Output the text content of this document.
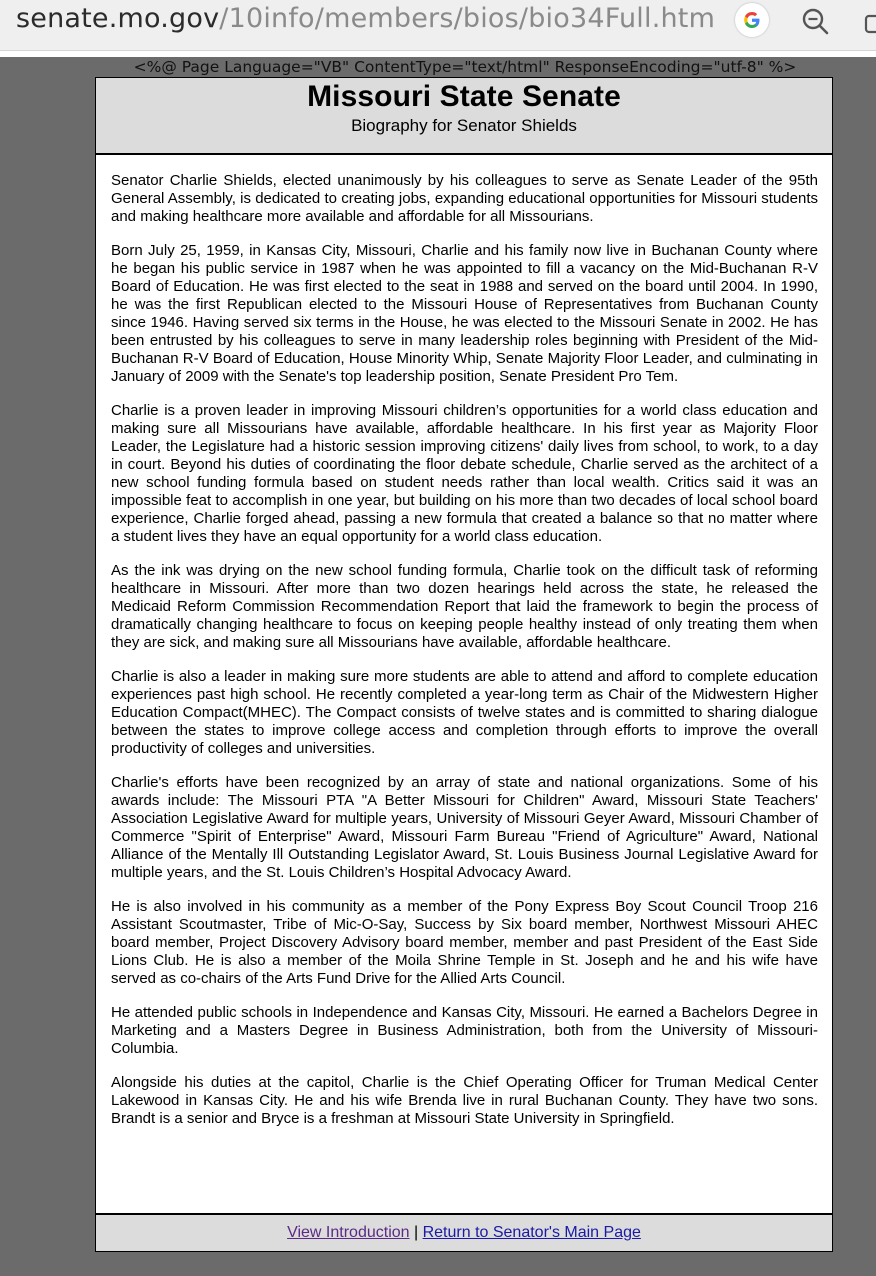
senate.mo.gov/10info/members/bios/bio34Full.htm
<%@ Page Language="VB" ContentType="text/html" ResponseEncoding="utf-8" %>
Missouri State Senate
Biography for Senator Shields

Senator Charlie Shields, elected unanimously by his colleagues to serve as Senate Leader of the 95th General Assembly, is dedicated to creating jobs, expanding educational opportunities for Missouri students and making healthcare more available and affordable for all Missourians.

Born July 25, 1959, in Kansas City, Missouri, Charlie and his family now live in Buchanan County where he began his public service in 1987 when he was appointed to fill a vacancy on the Mid-Buchanan R-V Board of Education. He was first elected to the seat in 1988 and served on the board until 2004. In 1990, he was the first Republican elected to the Missouri House of Representatives from Buchanan County since 1946. Having served six terms in the House, he was elected to the Missouri Senate in 2002. He has been entrusted by his colleagues to serve in many leadership roles beginning with President of the Mid-Buchanan R-V Board of Education, House Minority Whip, Senate Majority Floor Leader, and culminating in January of 2009 with the Senate's top leadership position, Senate President Pro Tem.

Charlie is a proven leader in improving Missouri children’s opportunities for a world class education and making sure all Missourians have available, affordable healthcare. In his first year as Majority Floor Leader, the Legislature had a historic session improving citizens' daily lives from school, to work, to a day in court. Beyond his duties of coordinating the floor debate schedule, Charlie served as the architect of a new school funding formula based on student needs rather than local wealth. Critics said it was an impossible feat to accomplish in one year, but building on his more than two decades of local school board experience, Charlie forged ahead, passing a new formula that created a balance so that no matter where a student lives they have an equal opportunity for a world class education.

As the ink was drying on the new school funding formula, Charlie took on the difficult task of reforming healthcare in Missouri. After more than two dozen hearings held across the state, he released the Medicaid Reform Commission Recommendation Report that laid the framework to begin the process of dramatically changing healthcare to focus on keeping people healthy instead of only treating them when they are sick, and making sure all Missourians have available, affordable healthcare.

Charlie is also a leader in making sure more students are able to attend and afford to complete education experiences past high school. He recently completed a year-long term as Chair of the Midwestern Higher Education Compact(MHEC). The Compact consists of twelve states and is committed to sharing dialogue between the states to improve college access and completion through efforts to improve the overall productivity of colleges and universities.

Charlie's efforts have been recognized by an array of state and national organizations. Some of his awards include: The Missouri PTA "A Better Missouri for Children" Award, Missouri State Teachers' Association Legislative Award for multiple years, University of Missouri Geyer Award, Missouri Chamber of Commerce "Spirit of Enterprise" Award, Missouri Farm Bureau "Friend of Agriculture" Award, National Alliance of the Mentally Ill Outstanding Legislator Award, St. Louis Business Journal Legislative Award for multiple years, and the St. Louis Children’s Hospital Advocacy Award.

He is also involved in his community as a member of the Pony Express Boy Scout Council Troop 216 Assistant Scoutmaster, Tribe of Mic-O-Say, Success by Six board member, Northwest Missouri AHEC board member, Project Discovery Advisory board member, member and past President of the East Side Lions Club. He is also a member of the Moila Shrine Temple in St. Joseph and he and his wife have served as co-chairs of the Arts Fund Drive for the Allied Arts Council.

He attended public schools in Independence and Kansas City, Missouri. He earned a Bachelors Degree in Marketing and a Masters Degree in Business Administration, both from the University of Missouri-Columbia.

Alongside his duties at the capitol, Charlie is the Chief Operating Officer for Truman Medical Center Lakewood in Kansas City. He and his wife Brenda live in rural Buchanan County. They have two sons. Brandt is a senior and Bryce is a freshman at Missouri State University in Springfield.

View Introduction | Return to Senator's Main Page
